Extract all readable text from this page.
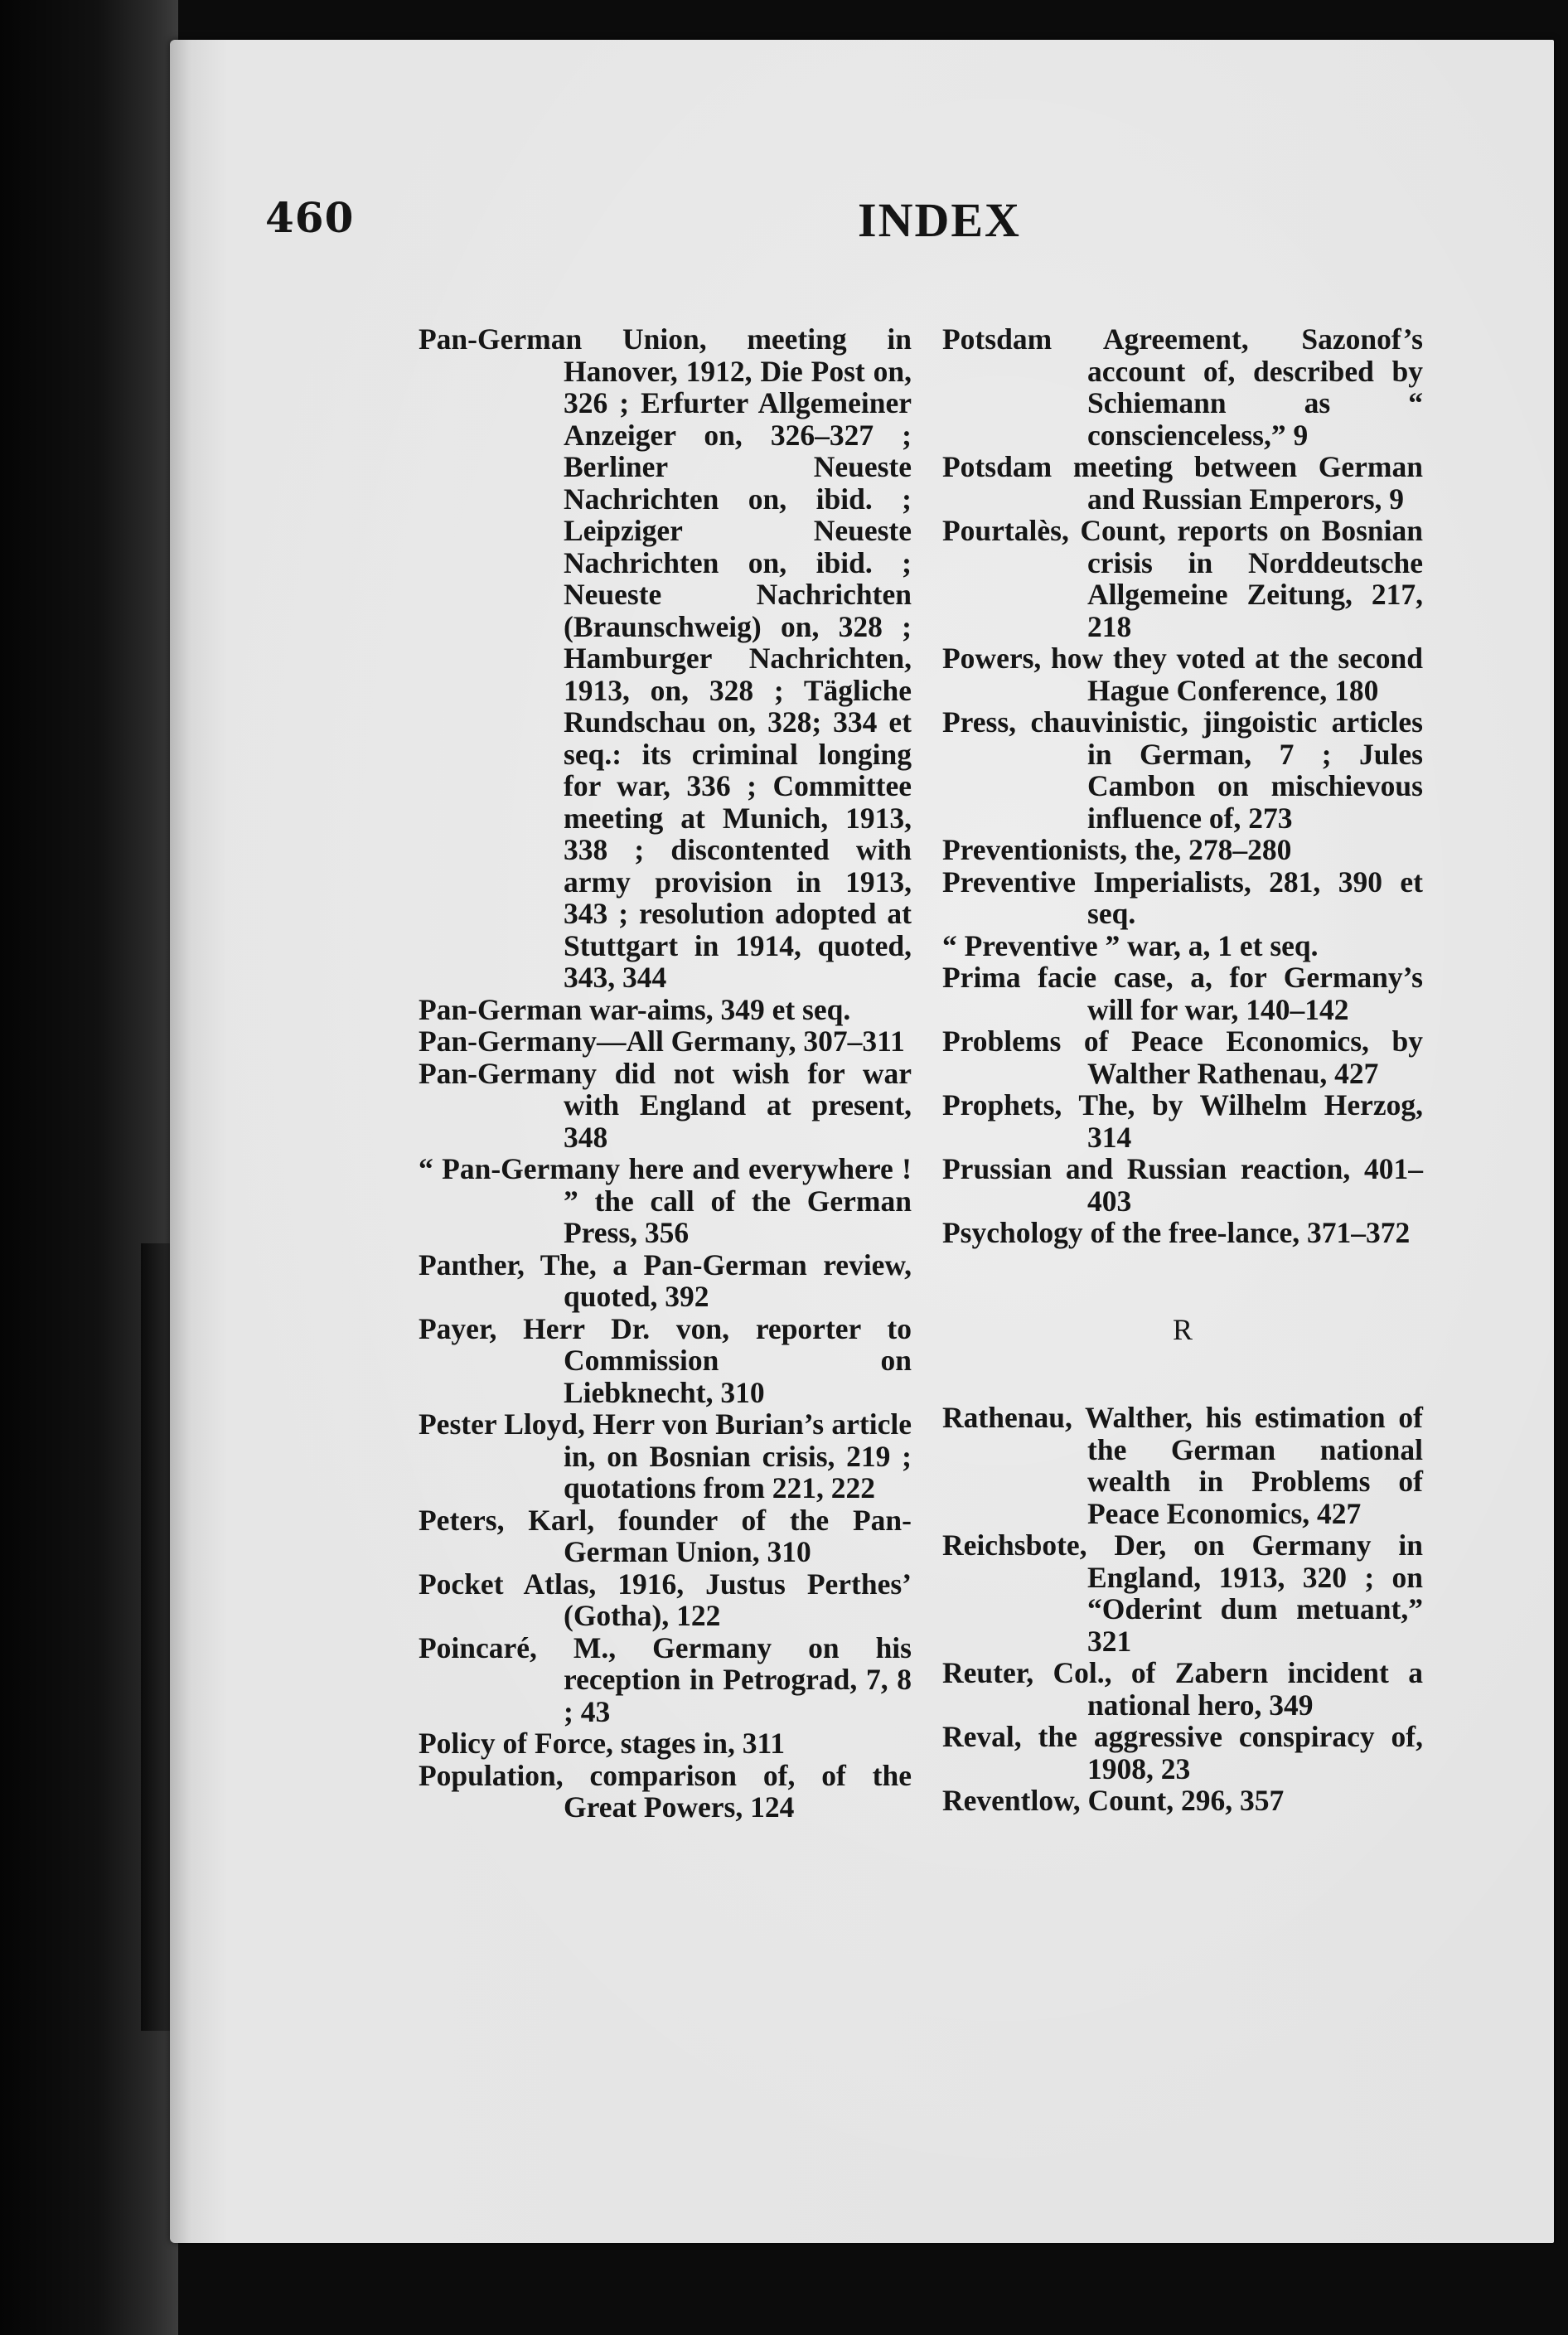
460	INDEX

Pan-German Union, meeting in Hanover, 1912, Die Post on, 326 ; Erfurter Allgemeiner Anzeiger on, 326–327 ; Berliner Neueste Nachrichten on, ibid. ; Leipziger Neueste Nachrichten on, ibid. ; Neueste Nachrichten (Braunschweig) on, 328 ; Hamburger Nachrichten, 1913, on, 328 ; Tägliche Rundschau on, 328; 334 et seq.: its criminal longing for war, 336 ; Committee meeting at Munich, 1913, 338 ; discontented with army provision in 1913, 343 ; resolution adopted at Stuttgart in 1914, quoted, 343, 344

Pan-German war-aims, 349 et seq.

Pan-Germany—All Germany, 307–311

Pan-Germany did not wish for war with England at present, 348

“ Pan-Germany here and everywhere ! ” the call of the German Press, 356

Panther, The, a Pan-German review, quoted, 392

Payer, Herr Dr. von, reporter to Commission on Liebknecht, 310

Pester Lloyd, Herr von Burian’s article in, on Bosnian crisis, 219 ; quotations from 221, 222

Peters, Karl, founder of the Pan-German Union, 310

Pocket Atlas, 1916, Justus Perthes’ (Gotha), 122

Poincaré, M., Germany on his reception in Petrograd, 7, 8 ; 43

Policy of Force, stages in, 311

Population, comparison of, of the Great Powers, 124

Potsdam Agreement, Sazonof’s account of, described by Schiemann as “ conscienceless,” 9

Potsdam meeting between German and Russian Emperors, 9

Pourtalès, Count, reports on Bosnian crisis in Norddeutsche Allgemeine Zeitung, 217, 218

Powers, how they voted at the second Hague Conference, 180

Press, chauvinistic, jingoistic articles in German, 7 ; Jules Cambon on mischievous influence of, 273

Preventionists, the, 278–280

Preventive Imperialists, 281, 390 et seq.

“ Preventive ” war, a, 1 et seq.

Prima facie case, a, for Germany’s will for war, 140–142

Problems of Peace Economics, by Walther Rathenau, 427

Prophets, The, by Wilhelm Herzog, 314

Prussian and Russian reaction, 401–403

Psychology of the free-lance, 371–372

R

Rathenau, Walther, his estimation of the German national wealth in Problems of Peace Economics, 427

Reichsbote, Der, on Germany in England, 1913, 320 ; on “Oderint dum metuant,” 321

Reuter, Col., of Zabern incident a national hero, 349

Reval, the aggressive conspiracy of, 1908, 23

Reventlow, Count, 296, 357
